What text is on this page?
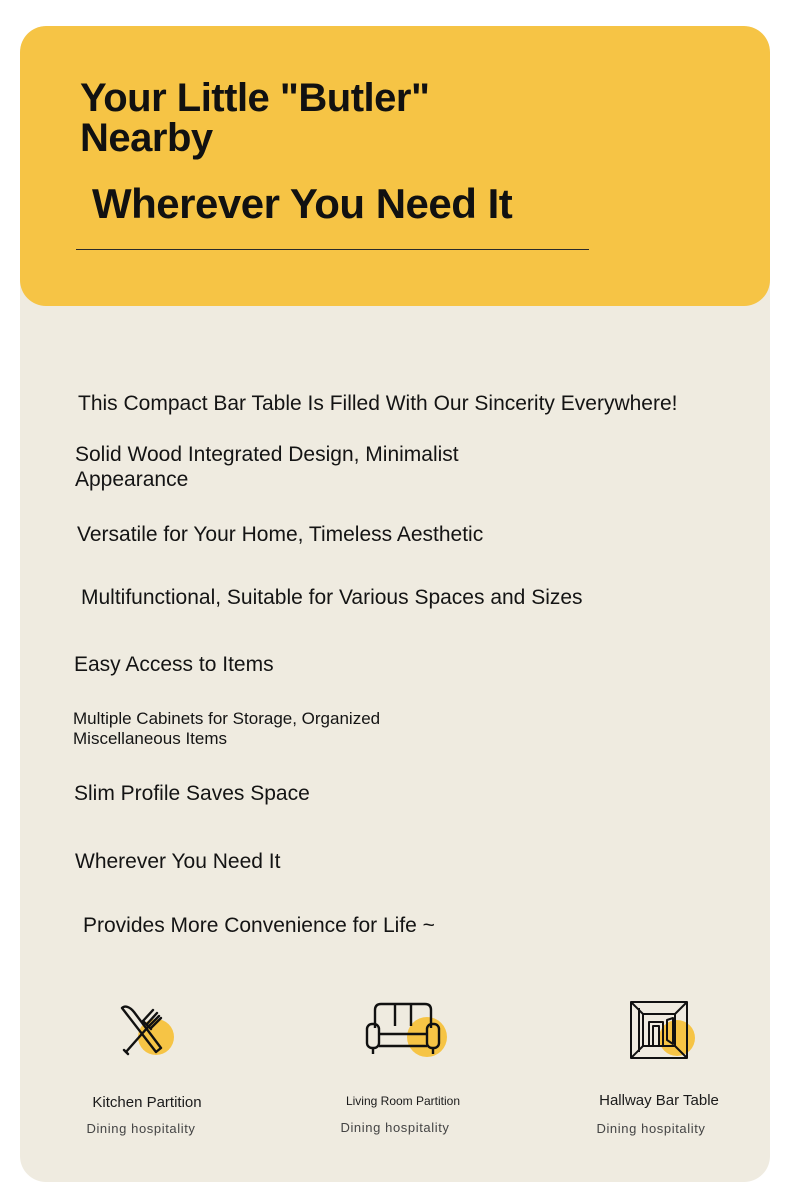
Your Little "Butler" Nearby
Wherever You Need It
This Compact Bar Table Is Filled With Our Sincerity Everywhere!
Solid Wood Integrated Design, Minimalist Appearance
Versatile for Your Home, Timeless Aesthetic
Multifunctional, Suitable for Various Spaces and Sizes
Easy Access to Items
Multiple Cabinets for Storage, Organized Miscellaneous Items
Slim Profile Saves Space
Wherever You Need It
Provides More Convenience for Life ~
Kitchen Partition
Dining hospitality
Living Room Partition
Dining hospitality
Hallway Bar Table
Dining hospitality
